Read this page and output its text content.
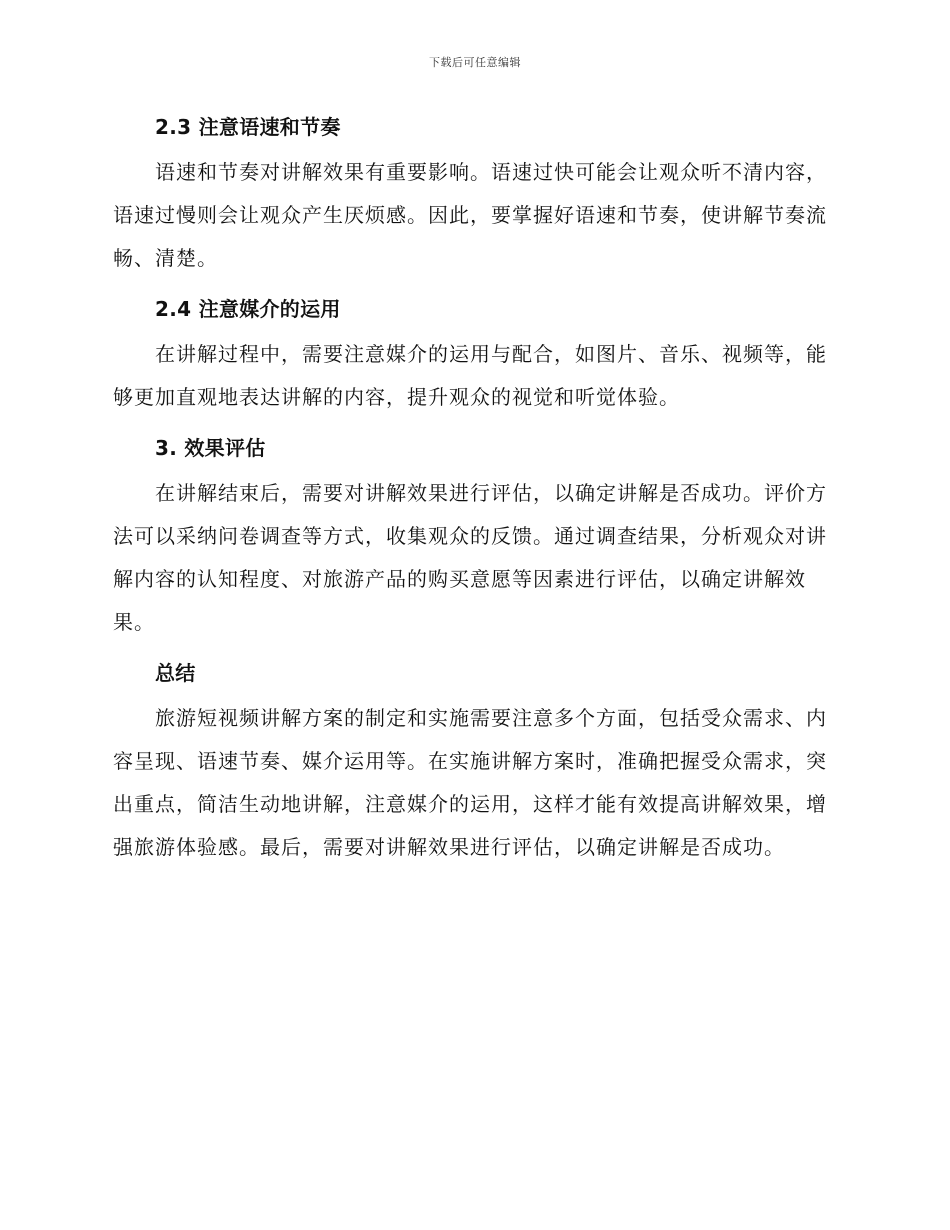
下载后可任意编辑
2.3 注意语速和节奏

语速和节奏对讲解效果有重要影响。语速过快可能会让观众听不清内容，语速过慢则会让观众产生厌烦感。因此，要掌握好语速和节奏，使讲解节奏流畅、清楚。

2.4 注意媒介的运用

在讲解过程中，需要注意媒介的运用与配合，如图片、音乐、视频等，能够更加直观地表达讲解的内容，提升观众的视觉和听觉体验。

3. 效果评估

在讲解结束后，需要对讲解效果进行评估，以确定讲解是否成功。评价方法可以采纳问卷调查等方式，收集观众的反馈。通过调查结果，分析观众对讲解内容的认知程度、对旅游产品的购买意愿等因素进行评估，以确定讲解效果。

总结

旅游短视频讲解方案的制定和实施需要注意多个方面，包括受众需求、内容呈现、语速节奏、媒介运用等。在实施讲解方案时，准确把握受众需求，突出重点，简洁生动地讲解，注意媒介的运用，这样才能有效提高讲解效果，增强旅游体验感。最后，需要对讲解效果进行评估，以确定讲解是否成功。
